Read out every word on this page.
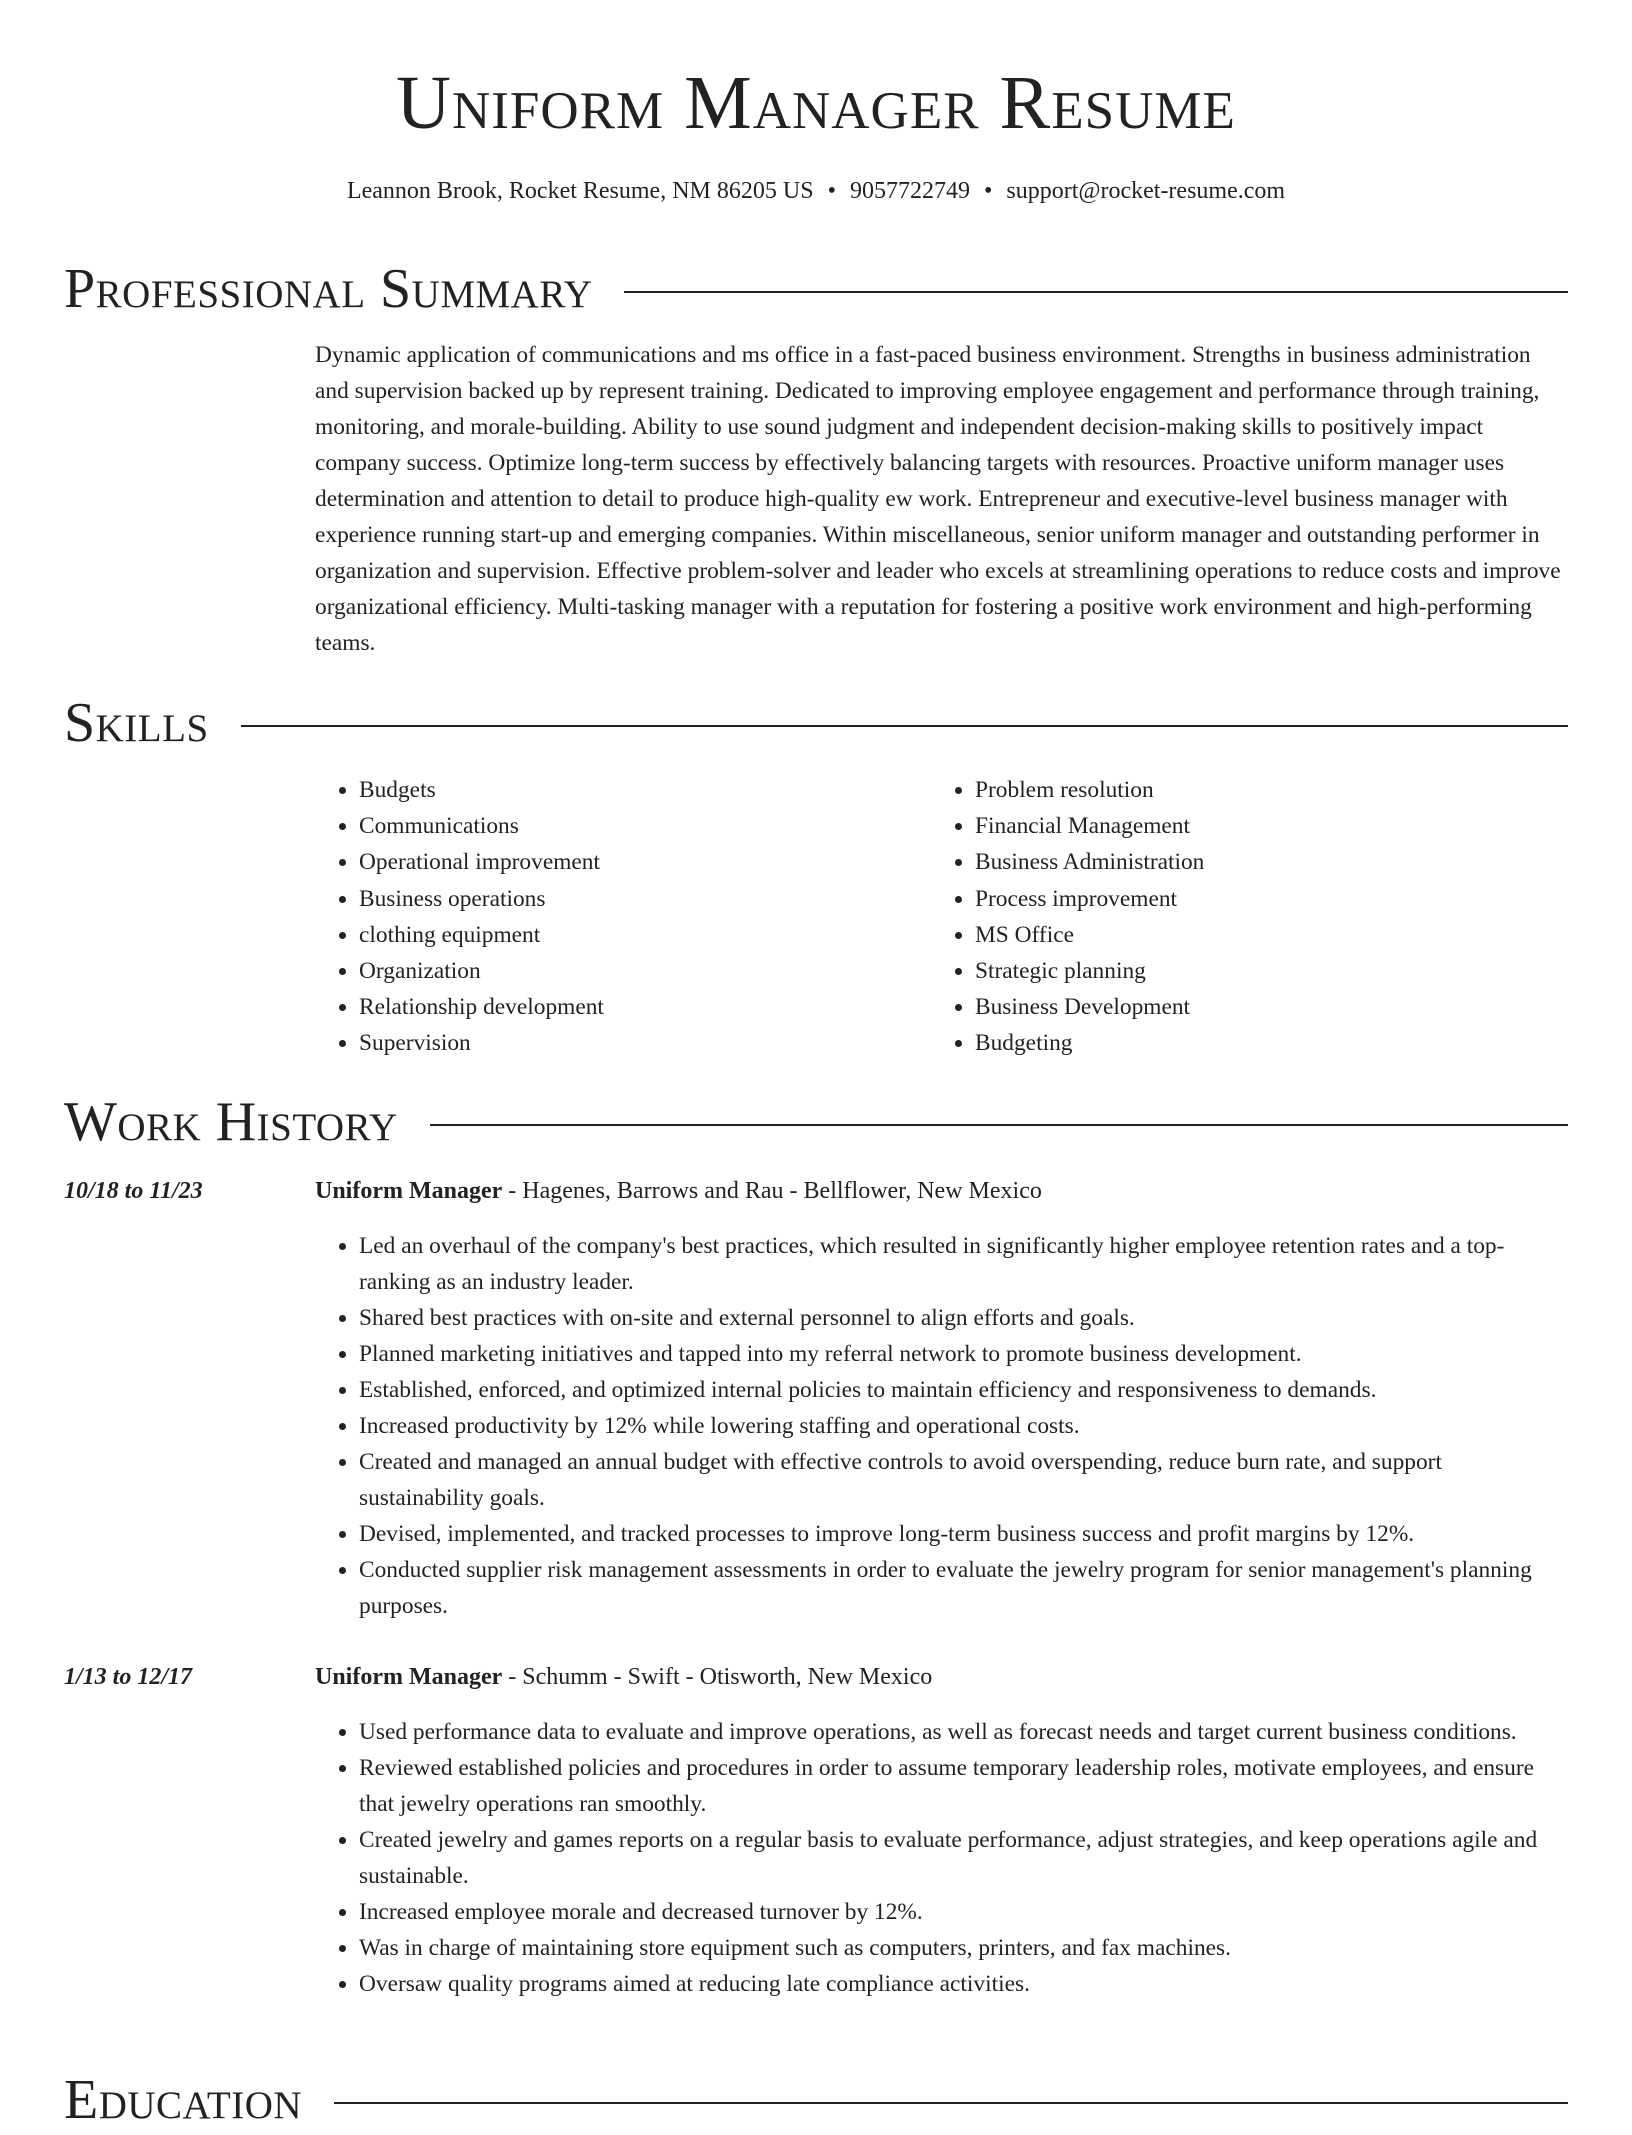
Uniform Manager Resume
Leannon Brook, Rocket Resume, NM 86205 US • 9057722749 • support@rocket-resume.com
Professional Summary

Dynamic application of communications and ms office in a fast-paced business environment. Strengths in business administration and supervision backed up by represent training. Dedicated to improving employee engagement and performance through training, monitoring, and morale-building. Ability to use sound judgment and independent decision-making skills to positively impact company success. Optimize long-term success by effectively balancing targets with resources. Proactive uniform manager uses determination and attention to detail to produce high-quality ew work. Entrepreneur and executive-level business manager with experience running start-up and emerging companies. Within miscellaneous, senior uniform manager and outstanding performer in organization and supervision. Effective problem-solver and leader who excels at streamlining operations to reduce costs and improve organizational efficiency. Multi-tasking manager with a reputation for fostering a positive work environment and high-performing teams.

Skills
• Budgets
• Communications
• Operational improvement
• Business operations
• clothing equipment
• Organization
• Relationship development
• Supervision
• Problem resolution
• Financial Management
• Business Administration
• Process improvement
• MS Office
• Strategic planning
• Business Development
• Budgeting
Work History
10/18 to 11/23	Uniform Manager - Hagenes, Barrows and Rau - Bellflower, New Mexico
• Led an overhaul of the company's best practices, which resulted in significantly higher employee retention rates and a top-ranking as an industry leader.
• Shared best practices with on-site and external personnel to align efforts and goals.
• Planned marketing initiatives and tapped into my referral network to promote business development.
• Established, enforced, and optimized internal policies to maintain efficiency and responsiveness to demands.
• Increased productivity by 12% while lowering staffing and operational costs.
• Created and managed an annual budget with effective controls to avoid overspending, reduce burn rate, and support sustainability goals.
• Devised, implemented, and tracked processes to improve long-term business success and profit margins by 12%.
• Conducted supplier risk management assessments in order to evaluate the jewelry program for senior management's planning purposes.
1/13 to 12/17	Uniform Manager - Schumm - Swift - Otisworth, New Mexico
• Used performance data to evaluate and improve operations, as well as forecast needs and target current business conditions.
• Reviewed established policies and procedures in order to assume temporary leadership roles, motivate employees, and ensure that jewelry operations ran smoothly.
• Created jewelry and games reports on a regular basis to evaluate performance, adjust strategies, and keep operations agile and sustainable.
• Increased employee morale and decreased turnover by 12%.
• Was in charge of maintaining store equipment such as computers, printers, and fax machines.
• Oversaw quality programs aimed at reducing late compliance activities.
Education
